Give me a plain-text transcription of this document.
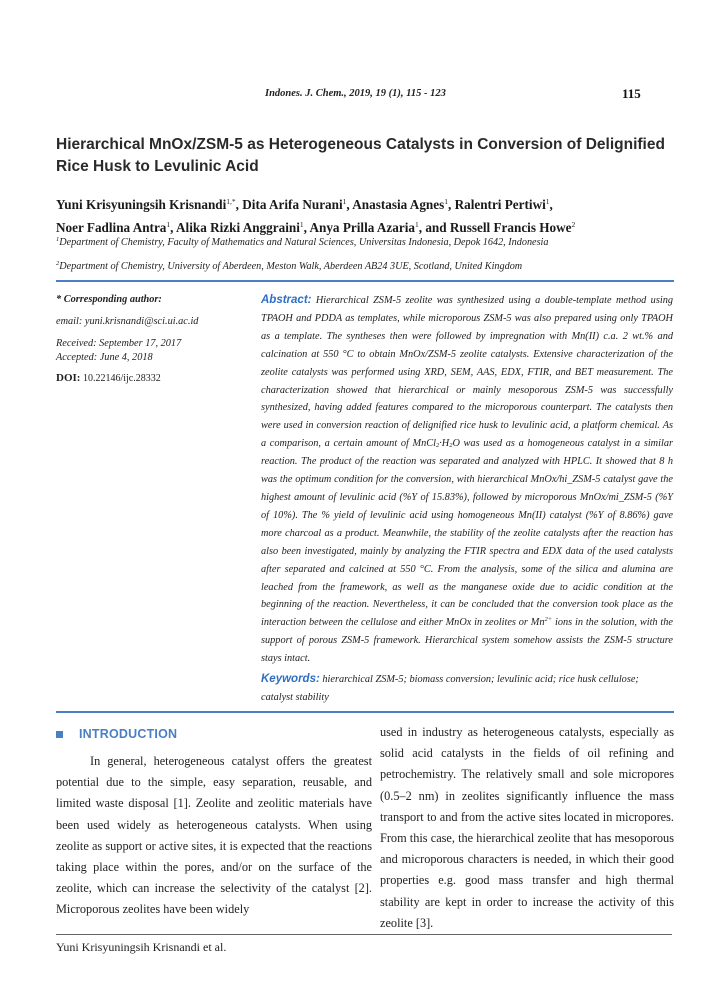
Indones. J. Chem., 2019, 19 (1), 115 - 123	115
Hierarchical MnOx/ZSM-5 as Heterogeneous Catalysts in Conversion of Delignified Rice Husk to Levulinic Acid
Yuni Krisyuningsih Krisnandi$^{1,*}$, Dita Arifa Nurani$^1$, Anastasia Agnes$^1$, Ralentri Pertiwi$^1$,
Noer Fadlina Antra$^1$, Alika Rizki Anggraini$^1$, Anya Prilla Azaria$^1$, and Russell Francis Howe$^2$
$^1$Department of Chemistry, Faculty of Mathematics and Natural Sciences, Universitas Indonesia, Depok 1642, Indonesia
$^2$Department of Chemistry, University of Aberdeen, Meston Walk, Aberdeen AB24 3UE, Scotland, United Kingdom
* Corresponding author:
email: yuni.krisnandi@sci.ui.ac.id
Received: September 17, 2017
Accepted: June 4, 2018
DOI: 10.22146/ijc.28332

Abstract: Hierarchical ZSM-5 zeolite was synthesized using a double-template method using TPAOH and PDDA as templates, while microporous ZSM-5 was also prepared using only TPAOH as a template. The syntheses then were followed by impregnation with Mn(II) c.a. 2 wt.% and calcination at 550 °C to obtain MnOx/ZSM-5 zeolite catalysts. Extensive characterization of the zeolite catalysts was performed using XRD, SEM, AAS, EDX, FTIR, and BET measurement. The characterization showed that hierarchical or mainly mesoporous ZSM-5 was successfully synthesized, having added features compared to the microporous counterpart. The catalysts then were used in conversion reaction of delignified rice husk to levulinic acid, a platform chemical. As a comparison, a certain amount of $MnCl_2\cdot H_2O$ was used as a homogeneous catalyst in a similar reaction. The product of the reaction was separated and analyzed with HPLC. It showed that 8 h was the optimum condition for the conversion, with hierarchical MnOx/hi_ZSM-5 catalyst gave the highest amount of levulinic acid (%Y of 15.83%), followed by microporous MnOx/mi_ZSM-5 (%Y of 10%). The % yield of levulinic acid using homogeneous Mn(II) catalyst (%Y of 8.86%) gave more charcoal as a product. Meanwhile, the stability of the zeolite catalysts after the reaction has also been investigated, mainly by analyzing the FTIR spectra and EDX data of the used catalysts after separated and calcined at 550 °C. From the analysis, some of the silica and alumina are leached from the framework, as well as the manganese oxide due to acidic condition at the beginning of the reaction. Nevertheless, it can be concluded that the conversion took place as the interaction between the cellulose and either MnOx in zeolites or $Mn^{2+}$ ions in the solution, with the support of porous ZSM-5 framework. Hierarchical system somehow assists the ZSM-5 structure stays intact.

Keywords: hierarchical ZSM-5; biomass conversion; levulinic acid; rice husk cellulose; catalyst stability

INTRODUCTION

In general, heterogeneous catalyst offers the greatest potential due to the simple, easy separation, reusable, and limited waste disposal [1]. Zeolite and zeolitic materials have been used widely as heterogeneous catalysts. When using zeolite as support or active sites, it is expected that the reactions taking place within the pores, and/or on the surface of the zeolite, which can increase the selectivity of the catalyst [2]. Microporous zeolites have been widely

used in industry as heterogeneous catalysts, especially as solid acid catalysts in the fields of oil refining and petrochemistry. The relatively small and sole micropores (0.5–2 nm) in zeolites significantly influence the mass transport to and from the active sites located in micropores. From this case, the hierarchical zeolite that has mesoporous and microporous characters is needed, in which their good properties e.g. good mass transfer and high thermal stability are kept in order to increase the activity of this zeolite [3].

Yuni Krisyuningsih Krisnandi et al.
